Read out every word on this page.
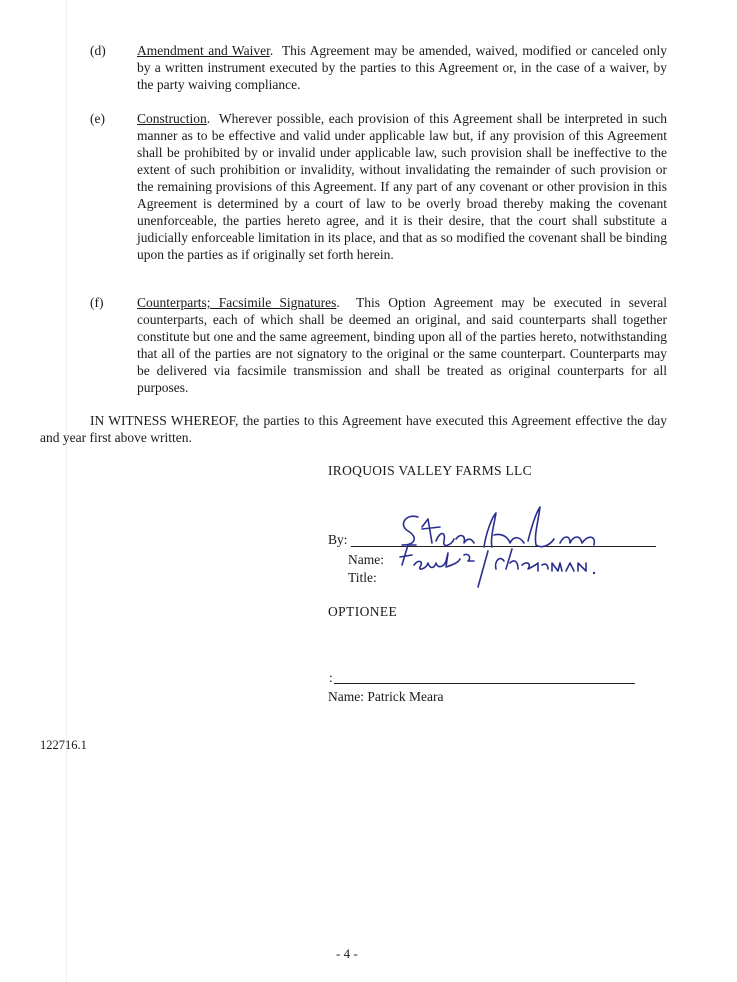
(d) Amendment and Waiver.  This Agreement may be amended, waived, modified or canceled only by a written instrument executed by the parties to this Agreement or, in the case of a waiver, by the party waiving compliance.

(e) Construction.  Wherever possible, each provision of this Agreement shall be interpreted in such manner as to be effective and valid under applicable law but, if any provision of this Agreement shall be prohibited by or invalid under applicable law, such provision shall be ineffective to the extent of such prohibition or invalidity, without invalidating the remainder of such provision or the remaining provisions of this Agreement. If any part of any covenant or other provision in this Agreement is determined by a court of law to be overly broad thereby making the covenant unenforceable, the parties hereto agree, and it is their desire, that the court shall substitute a judicially enforceable limitation in its place, and that as so modified the covenant shall be binding upon the parties as if originally set forth herein.

(f) Counterparts; Facsimile Signatures.  This Option Agreement may be executed in several counterparts, each of which shall be deemed an original, and said counterparts shall together constitute but one and the same agreement, binding upon all of the parties hereto, notwithstanding that all of the parties are not signatory to the original or the same counterpart. Counterparts may be delivered via facsimile transmission and shall be treated as original counterparts for all purposes.

IN WITNESS WHEREOF, the parties to this Agreement have executed this Agreement effective the day and year first above written.

IROQUOIS VALLEY FARMS LLC
By:
Name:
Title:
OPTIONEE
:
Name: Patrick Meara
122716.1
- 4 -
